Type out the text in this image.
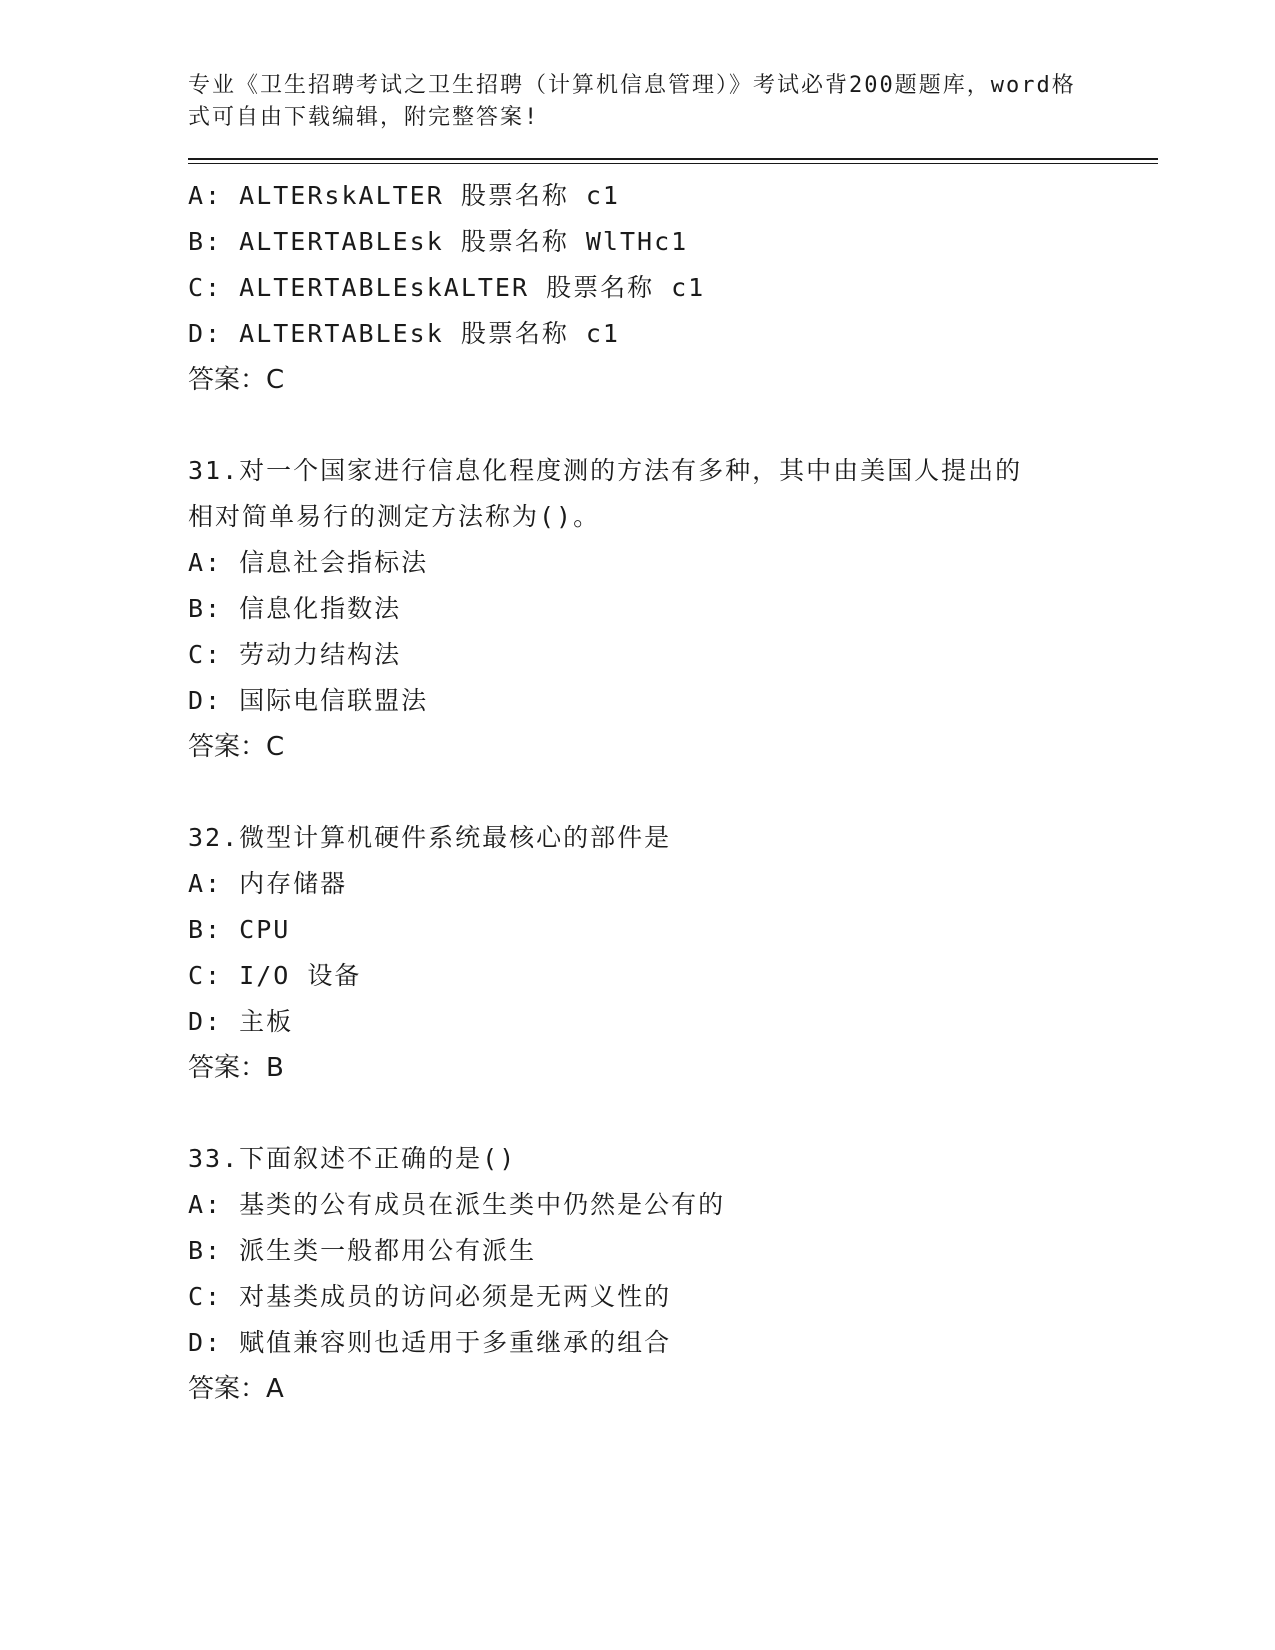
专业《卫生招聘考试之卫生招聘（计算机信息管理）》考试必背200题题库，word格式可自由下载编辑，附完整答案!

A: ALTERskALTER 股票名称 c1
B: ALTERTABLEsk 股票名称 WlTHc1
C: ALTERTABLEskALTER 股票名称 c1
D: ALTERTABLEsk 股票名称 c1
答案：C
31.对一个国家进行信息化程度测的方法有多种，其中由美国人提出的
相对简单易行的测定方法称为()。
A: 信息社会指标法
B: 信息化指数法
C: 劳动力结构法
D: 国际电信联盟法
答案：C
32.微型计算机硬件系统最核心的部件是
A: 内存储器
B: CPU
C: I/O 设备
D: 主板
答案：B
33.下面叙述不正确的是()
A: 基类的公有成员在派生类中仍然是公有的
B: 派生类一般都用公有派生
C: 对基类成员的访问必须是无两义性的
D: 赋值兼容则也适用于多重继承的组合
答案：A
